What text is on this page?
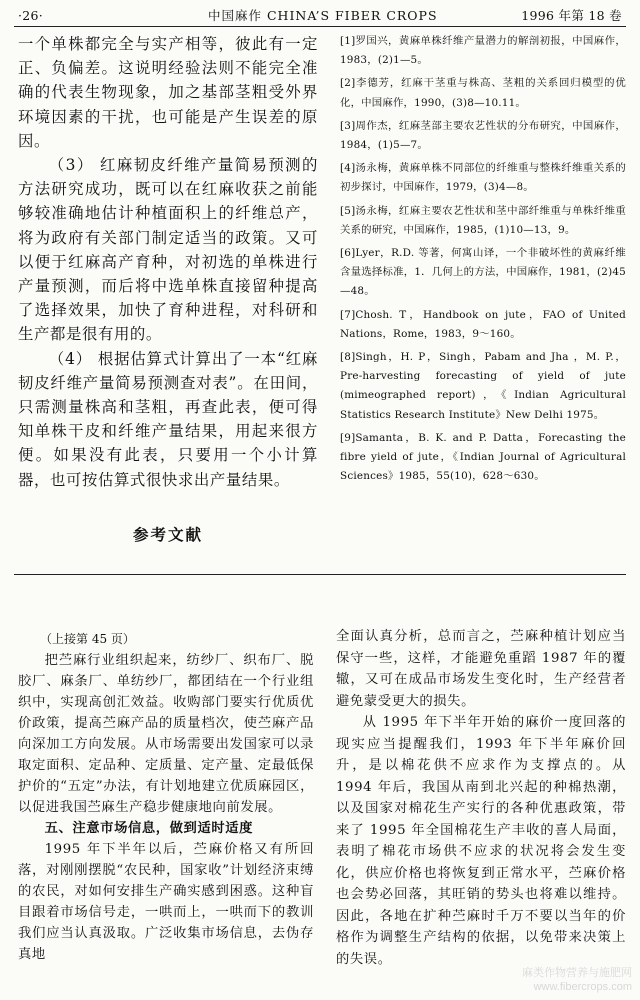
·26·	中国麻作 CHINA’S FIBER CROPS	1996 年第 18 卷

一个单株都完全与实产相等，彼此有一定正、负偏差。这说明经验法则不能完全准确的代表生物现象，加之基部茎粗受外界环境因素的干扰，也可能是产生误差的原因。

（3） 红麻韧皮纤维产量简易预测的方法研究成功，既可以在红麻收获之前能够较准确地估计种植面积上的纤维总产，将为政府有关部门制定适当的政策。又可以便于红麻高产育种，对初选的单株进行产量预测，而后将中选单株直接留种提高了选择效果，加快了育种进程，对科研和生产都是很有用的。

（4） 根据估算式计算出了一本“红麻韧皮纤维产量简易预测查对表”。在田间，只需测量株高和茎粗，再查此表，便可得知单株干皮和纤维产量结果，用起来很方便。如果没有此表，只要用一个小计算器，也可按估算式很快求出产量结果。

参考文献
[1]罗国兴，黄麻单株纤维产量潜力的解剖初报，中国麻作，1983，(2)1—5。
[2]李德芳，红麻干茎重与株高、茎粗的关系回归模型的优化，中国麻作，1990，(3)8—10.11。
[3]周作杰，红麻茎部主要农艺性状的分布研究，中国麻作，1984，(1)5—7。
[4]汤永梅，黄麻单株不同部位的纤维重与整株纤维重关系的初步探讨，中国麻作，1979，(3)4—8。
[5]汤永梅，红麻主要农艺性状和茎中部纤维重与单株纤维重关系的研究，中国麻作，1985，(1)10—13，9。
[6]Lyer，R.D. 等著，何寓山译，一个非破坏性的黄麻纤维含量选择标准，1．几何上的方法，中国麻作，1981，(2)45—48。
[7]Chosh. T，Handbook on jute，FAO of United Nations，Rome，1983，9～160。
[8]Singh，H. P，Singh，Pabam and Jha ，M. P.，Pre-harvesting forecasting of yield of jute (mimeographed report)，《Indian Agricultural Statistics Research Institute》New Delhi 1975。
[9]Samanta，B. K. and P. Datta，Forecasting the fibre yield of jute，《Indian Journal of Agricultural Sciences》1985，55(10)，628～630。
（上接第 45 页）

把苎麻行业组织起来，纺纱厂、织布厂、脱胶厂、麻条厂、单纺纱厂，都团结在一个行业组织中，实现高创汇效益。收购部门要实行优质优价政策，提高苎麻产品的质量档次，使苎麻产品向深加工方向发展。从市场需要出发国家可以录取定面积、定品种、定质量、定产量、定最低保护价的“五定”办法，有计划地建立优质麻园区，以促进我国苎麻生产稳步健康地向前发展。

五、注意市场信息，做到适时适度

1995 年下半年以后，苎麻价格又有所回落，对刚刚摆脱“农民种，国家收”计划经济束缚的农民，对如何安排生产确实感到困惑。这种盲目跟着市场信号走，一哄而上，一哄而下的教训我们应当认真汲取。广泛收集市场信息，去伪存真地

全面认真分析，总而言之，苎麻种植计划应当保守一些，这样，才能避免重蹈 1987 年的覆辙，又可在成品市场发生变化时，生产经营者避免蒙受更大的损失。

从 1995 年下半年开始的麻价一度回落的现实应当提醒我们，1993 年下半年麻价回升，是以棉花供不应求作为支撑点的。从 1994 年后，我国从南到北兴起的种棉热潮，以及国家对棉花生产实行的各种优惠政策，带来了 1995 年全国棉花生产丰收的喜人局面，表明了棉花市场供不应求的状况将会发生变化，供应价格也将恢复到正常水平，苎麻价格也会势必回落，其旺销的势头也将难以维持。因此，各地在扩种苎麻时千万不要以当年的价格作为调整生产结构的依据，以免带来决策上的失误。

麻类作物营养与施肥网
www.fibercrops.com
